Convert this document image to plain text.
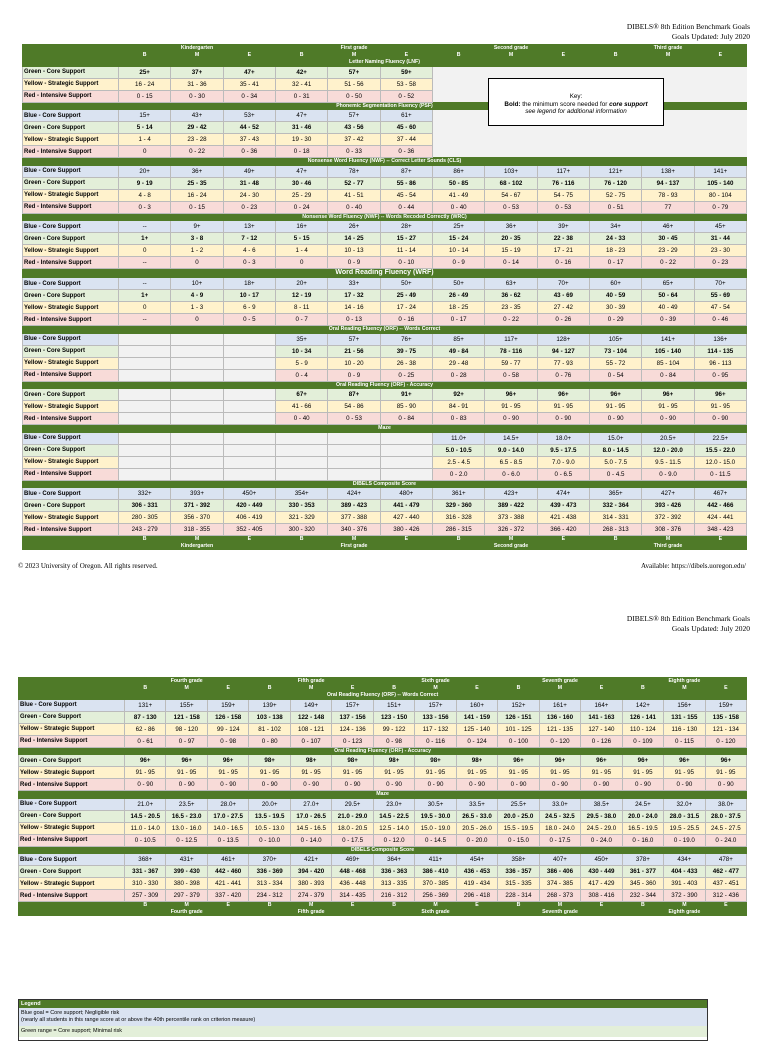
DIBELS® 8th Edition Benchmark Goals
Goals Updated: July 2020
	Kindergarten			First grade			Second grade			Third grade		
	B	M	E	B	M	E	B	M	E	B	M	E
Letter Naming Fluency (LNF)												
Green - Core Support	25+	37+	47+	42+	57+	59+						
Yellow - Strategic Support	16 - 24	31 - 36	35 - 41	32 - 41	51 - 56	53 - 58						
Red - Intensive Support	0 - 15	0 - 30	0 - 34	0 - 31	0 - 50	0 - 52						
Phonemic Segmentation Fluency (PSF)												
Blue - Core Support	15+	43+	53+	47+	57+	61+						
Green - Core Support	5 - 14	29 - 42	44 - 52	31 - 46	43 - 56	45 - 60						
Yellow - Strategic Support	1 - 4	23 - 28	37 - 43	19 - 30	37 - 42	37 - 44						
Red - Intensive Support	0	0 - 22	0 - 36	0 - 18	0 - 33	0 - 36						
Nonsense Word Fluency (NWF) -- Correct Letter Sounds (CLS)												
Blue - Core Support	20+	36+	49+	47+	78+	87+	86+	103+	117+	121+	138+	141+
Green - Core Support	9 - 19	25 - 35	31 - 48	30 - 46	52 - 77	55 - 86	50 - 85	68 - 102	76 - 116	76 - 120	94 - 137	105 - 140
Yellow - Strategic Support	4 - 8	16 - 24	24 - 30	25 - 29	41 - 51	45 - 54	41 - 49	54 - 67	54 - 75	52 - 75	78 - 93	80 - 104
Red - Intensive Support	0 - 3	0 - 15	0 - 23	0 - 24	0 - 40	0 - 44	0 - 40	0 - 53	0 - 53	0 - 51	77	0 - 79
Nonsense Word Fluency (NWF) -- Words Recoded Correctly (WRC)												
Blue - Core Support	--	9+	13+	16+	26+	28+	25+	36+	39+	34+	46+	45+
Green - Core Support	1+	3 - 8	7 - 12	5 - 15	14 - 25	15 - 27	15 - 24	20 - 35	22 - 38	24 - 33	30 - 45	31 - 44
Yellow - Strategic Support	0	1 - 2	4 - 6	1 - 4	10 - 13	11 - 14	10 - 14	15 - 19	17 - 21	18 - 23	23 - 29	23 - 30
Red - Intensive Support	--	0	0 - 3	0	0 - 9	0 - 10	0 - 9	0 - 14	0 - 16	0 - 17	0 - 22	0 - 23
Word Reading Fluency (WRF)												
Blue - Core Support	--	10+	18+	20+	33+	50+	50+	63+	70+	60+	65+	70+
Green - Core Support	1+	4 - 9	10 - 17	12 - 19	17 - 32	25 - 49	26 - 49	36 - 62	43 - 69	40 - 59	50 - 64	55 - 69
Yellow - Strategic Support	0	1 - 3	6 - 9	8 - 11	14 - 16	17 - 24	18 - 25	23 - 35	27 - 42	30 - 39	40 - 49	47 - 54
Red - Intensive Support	--	0	0 - 5	0 - 7	0 - 13	0 - 16	0 - 17	0 - 22	0 - 26	0 - 29	0 - 39	0 - 46
Oral Reading Fluency (ORF) -- Words Correct												
Blue - Core Support				35+	57+	76+	85+	117+	128+	105+	141+	136+
Green - Core Support				10 - 34	21 - 56	39 - 75	49 - 84	78 - 116	94 - 127	73 - 104	105 - 140	114 - 135
Yellow - Strategic Support				5 - 9	10 - 20	26 - 38	29 - 48	59 - 77	77 - 93	55 - 72	85 - 104	96 - 113
Red - Intensive Support				0 - 4	0 - 9	0 - 25	0 - 28	0 - 58	0 - 76	0 - 54	0 - 84	0 - 95
Oral Reading Fluency (ORF) - Accuracy												
Green - Core Support				67+	87+	91+	92+	96+	96+	96+	96+	96+
Yellow - Strategic Support				41 - 66	54 - 86	85 - 90	84 - 91	91 - 95	91 - 95	91 - 95	91 - 95	91 - 95
Red - Intensive Support				0 - 40	0 - 53	0 - 84	0 - 83	0 - 90	0 - 90	0 - 90	0 - 90	0 - 90
Maze												
Blue - Core Support							11.0+	14.5+	18.0+	15.0+	20.5+	22.5+
Green - Core Support							5.0 - 10.5	9.0 - 14.0	9.5 - 17.5	8.0 - 14.5	12.0 - 20.0	15.5 - 22.0
Yellow - Strategic Support							2.5 - 4.5	6.5 - 8.5	7.0 - 9.0	5.0 - 7.5	9.5 - 11.5	12.0 - 15.0
Red - Intensive Support							0 - 2.0	0 - 6.0	0 - 6.5	0 - 4.5	0 - 9.0	0 - 11.5
DIBELS Composite Score												
Blue - Core Support	332+	393+	450+	354+	424+	480+	361+	423+	474+	365+	427+	467+
Green - Core Support	306 - 331	371 - 392	420 - 449	330 - 353	389 - 423	441 - 479	329 - 360	389 - 422	439 - 473	332 - 364	393 - 426	442 - 466
Yellow - Strategic Support	280 - 305	356 - 370	406 - 419	321 - 329	377 - 388	427 - 440	316 - 328	373 - 388	421 - 438	314 - 331	372 - 392	424 - 441
Red - Intensive Support	243 - 279	318 - 355	352 - 405	300 - 320	340 - 376	380 - 426	286 - 315	326 - 372	366 - 420	268 - 313	308 - 376	348 - 423
	B	M	E	B	M	E	B	M	E	B	M	E
	Kindergarten			First grade			Second grade			Third grade		
Key:
Bold: the minimum score needed for core support
see legend for additional information
© 2023 University of Oregon. All rights reserved.	Available: https://dibels.uoregon.edu/
DIBELS® 8th Edition Benchmark Goals
Goals Updated: July 2020
	Fourth grade			Fifth grade			Sixth grade			Seventh grade			Eighth grade		
	B	M	E	B	M	E	B	M	E	B	M	E	B	M	E
Oral Reading Fluency (ORF) -- Words Correct															
Blue - Core Support	131+	155+	159+	139+	149+	157+	151+	157+	160+	152+	161+	164+	142+	156+	159+
Green - Core Support	87 - 130	121 - 158	126 - 158	103 - 138	122 - 148	137 - 156	123 - 150	133 - 156	141 - 159	126 - 151	136 - 160	141 - 163	126 - 141	131 - 155	135 - 158
Yellow - Strategic Support	62 - 86	98 - 120	99 - 124	81 - 102	108 - 121	124 - 136	99 - 122	117 - 132	125 - 140	101 - 125	121 - 135	127 - 140	110 - 124	116 - 130	121 - 134
Red - Intensive Support	0 - 61	0 - 97	0 - 98	0 - 80	0 - 107	0 - 123	0 - 98	0 - 116	0 - 124	0 - 100	0 - 120	0 - 126	0 - 109	0 - 115	0 - 120
Oral Reading Fluency (ORF) - Accuracy															
Green - Core Support	96+	96+	96+	98+	98+	98+	98+	98+	98+	96+	96+	96+	96+	96+	96+
Yellow - Strategic Support	91 - 95	91 - 95	91 - 95	91 - 95	91 - 95	91 - 95	91 - 95	91 - 95	91 - 95	91 - 95	91 - 95	91 - 95	91 - 95	91 - 95	91 - 95
Red - Intensive Support	0 - 90	0 - 90	0 - 90	0 - 90	0 - 90	0 - 90	0 - 90	0 - 90	0 - 90	0 - 90	0 - 90	0 - 90	0 - 90	0 - 90	0 - 90
Maze															
Blue - Core Support	21.0+	23.5+	28.0+	20.0+	27.0+	29.5+	23.0+	30.5+	33.5+	25.5+	33.0+	38.5+	24.5+	32.0+	38.0+
Green - Core Support	14.5 - 20.5	16.5 - 23.0	17.0 - 27.5	13.5 - 19.5	17.0 - 26.5	21.0 - 29.0	14.5 - 22.5	19.5 - 30.0	26.5 - 33.0	20.0 - 25.0	24.5 - 32.5	29.5 - 38.0	20.0 - 24.0	28.0 - 31.5	28.0 - 37.5
Yellow - Strategic Support	11.0 - 14.0	13.0 - 16.0	14.0 - 16.5	10.5 - 13.0	14.5 - 16.5	18.0 - 20.5	12.5 - 14.0	15.0 - 19.0	20.5 - 26.0	15.5 - 19.5	18.0 - 24.0	24.5 - 29.0	16.5 - 19.5	19.5 - 25.5	24.5 - 27.5
Red - Intensive Support	0 - 10.5	0 - 12.5	0 - 13.5	0 - 10.0	0 - 14.0	0 - 17.5	0 - 12.0	0 - 14.5	0 - 20.0	0 - 15.0	0 - 17.5	0 - 24.0	0 - 16.0	0 - 19.0	0 - 24.0
DIBELS Composite Score															
Blue - Core Support	368+	431+	461+	370+	421+	469+	364+	411+	454+	358+	407+	450+	378+	434+	478+
Green - Core Support	331 - 367	399 - 430	442 - 460	336 - 369	394 - 420	448 - 468	336 - 363	386 - 410	436 - 453	336 - 357	386 - 406	430 - 449	361 - 377	404 - 433	462 - 477
Yellow - Strategic Support	310 - 330	380 - 398	421 - 441	313 - 334	380 - 393	436 - 448	313 - 335	370 - 385	419 - 434	315 - 335	374 - 385	417 - 429	345 - 360	391 - 403	437 - 451
Red - Intensive Support	257 - 309	297 - 379	337 - 420	234 - 312	274 - 379	314 - 435	216 - 312	256 - 369	296 - 418	228 - 314	268 - 373	308 - 416	232 - 344	372 - 390	312 - 436
	B	M	E	B	M	E	B	M	E	B	M	E	B	M	E
	Fourth grade			Fifth grade			Sixth grade			Seventh grade			Eighth grade		
Legend
Blue goal = Core support; Negligible risk
(nearly all students in this range score at or above the 40th percentile rank on criterion measure)
Green range = Core support; Minimal risk
